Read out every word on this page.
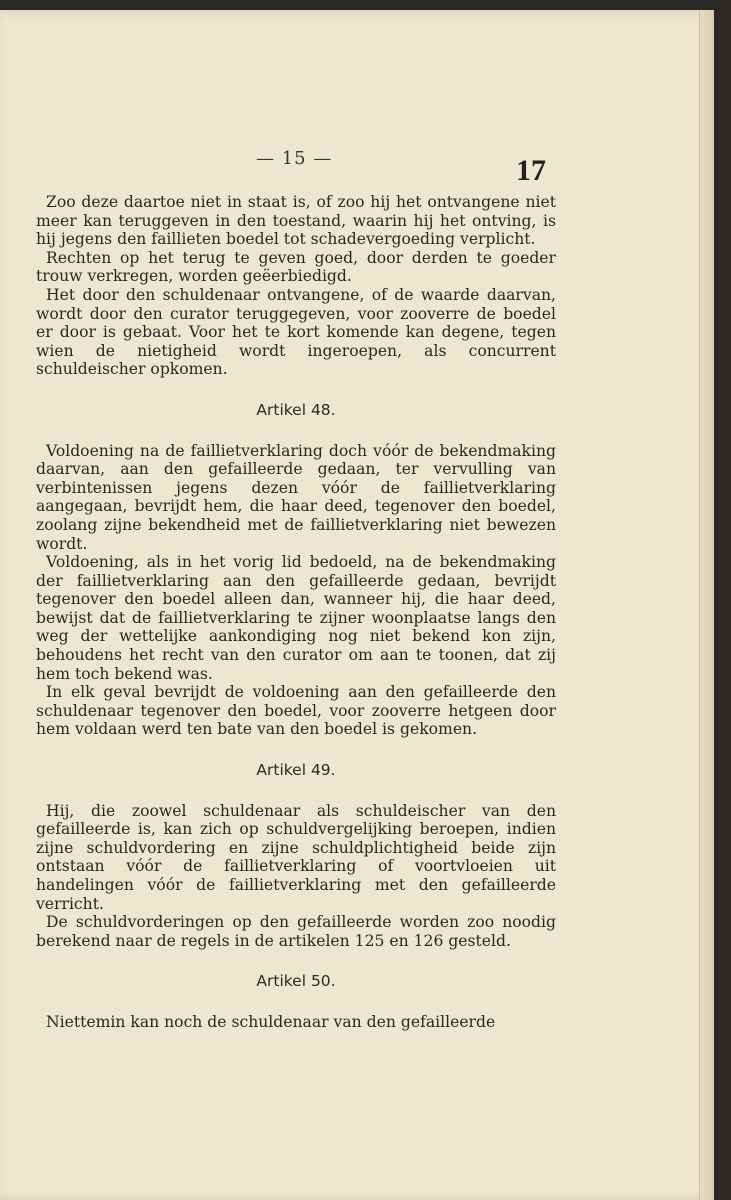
— 15 —	17

Zoo deze daartoe niet in staat is, of zoo hij het ontvangene niet meer kan teruggeven in den toestand, waarin hij het ontving, is hij jegens den faillieten boedel tot schadevergoeding verplicht.

Rechten op het terug te geven goed, door derden te goeder trouw verkregen, worden geëerbiedigd.

Het door den schuldenaar ontvangene, of de waarde daarvan, wordt door den curator teruggegeven, voor zooverre de boedel er door is gebaat. Voor het te kort komende kan degene, tegen wien de nietigheid wordt ingeroepen, als concurrent schuldeischer opkomen.

Artikel 48.

Voldoening na de faillietverklaring doch vóór de bekendmaking daarvan, aan den gefailleerde gedaan, ter vervulling van verbintenissen jegens dezen vóór de faillietverklaring aangegaan, bevrijdt hem, die haar deed, tegenover den boedel, zoolang zijne bekendheid met de faillietverklaring niet bewezen wordt.

Voldoening, als in het vorig lid bedoeld, na de bekendmaking der faillietverklaring aan den gefailleerde gedaan, bevrijdt tegenover den boedel alleen dan, wanneer hij, die haar deed, bewijst dat de faillietverklaring te zijner woonplaatse langs den weg der wettelijke aankondiging nog niet bekend kon zijn, behoudens het recht van den curator om aan te toonen, dat zij hem toch bekend was.

In elk geval bevrijdt de voldoening aan den gefailleerde den schuldenaar tegenover den boedel, voor zooverre hetgeen door hem voldaan werd ten bate van den boedel is gekomen.

Artikel 49.

Hij, die zoowel schuldenaar als schuldeischer van den gefailleerde is, kan zich op schuldvergelijking beroepen, indien zijne schuldvordering en zijne schuldplichtigheid beide zijn ontstaan vóór de faillietverklaring of voortvloeien uit handelingen vóór de faillietverklaring met den gefailleerde verricht.

De schuldvorderingen op den gefailleerde worden zoo noodig berekend naar de regels in de artikelen 125 en 126 gesteld.

Artikel 50.

Niettemin kan noch de schuldenaar van den gefailleerde
